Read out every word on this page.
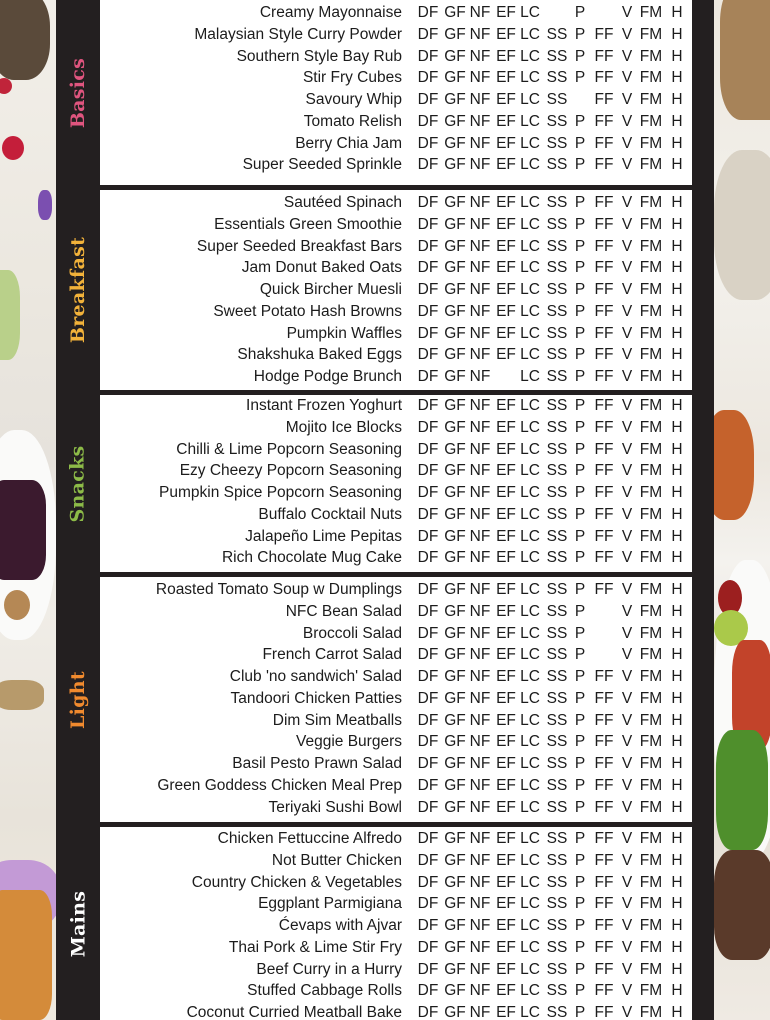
Basics
Creamy Mayonnaise DF GF NF EF LC P V FM H
Malaysian Style Curry Powder DF GF NF EF LC SS P FF V FM H
Southern Style Bay Rub DF GF NF EF LC SS P FF V FM H
Stir Fry Cubes DF GF NF EF LC SS P FF V FM H
Savoury Whip DF GF NF EF LC SS FF V FM H
Tomato Relish DF GF NF EF LC SS P FF V FM H
Berry Chia Jam DF GF NF EF LC SS P FF V FM H
Super Seeded Sprinkle DF GF NF EF LC SS P FF V FM H
Breakfast
Sautéed Spinach DF GF NF EF LC SS P FF V FM H
Essentials Green Smoothie DF GF NF EF LC SS P FF V FM H
Super Seeded Breakfast Bars DF GF NF EF LC SS P FF V FM H
Jam Donut Baked Oats DF GF NF EF LC SS P FF V FM H
Quick Bircher Muesli DF GF NF EF LC SS P FF V FM H
Sweet Potato Hash Browns DF GF NF EF LC SS P FF V FM H
Pumpkin Waffles DF GF NF EF LC SS P FF V FM H
Shakshuka Baked Eggs DF GF NF EF LC SS P FF V FM H
Hodge Podge Brunch DF GF NF LC SS P FF V FM H
Snacks
Instant Frozen Yoghurt DF GF NF EF LC SS P FF V FM H
Mojito Ice Blocks DF GF NF EF LC SS P FF V FM H
Chilli & Lime Popcorn Seasoning DF GF NF EF LC SS P FF V FM H
Ezy Cheezy Popcorn Seasoning DF GF NF EF LC SS P FF V FM H
Pumpkin Spice Popcorn Seasoning DF GF NF EF LC SS P FF V FM H
Buffalo Cocktail Nuts DF GF NF EF LC SS P FF V FM H
Jalapeño Lime Pepitas DF GF NF EF LC SS P FF V FM H
Rich Chocolate Mug Cake DF GF NF EF LC SS P FF V FM H
Light
Roasted Tomato Soup w Dumplings DF GF NF EF LC SS P FF V FM H
NFC Bean Salad DF GF NF EF LC SS P V FM H
Broccoli Salad DF GF NF EF LC SS P V FM H
French Carrot Salad DF GF NF EF LC SS P V FM H
Club 'no sandwich' Salad DF GF NF EF LC SS P FF V FM H
Tandoori Chicken Patties DF GF NF EF LC SS P FF V FM H
Dim Sim Meatballs DF GF NF EF LC SS P FF V FM H
Veggie Burgers DF GF NF EF LC SS P FF V FM H
Basil Pesto Prawn Salad DF GF NF EF LC SS P FF V FM H
Green Goddess Chicken Meal Prep DF GF NF EF LC SS P FF V FM H
Teriyaki Sushi Bowl DF GF NF EF LC SS P FF V FM H
Mains
Chicken Fettuccine Alfredo DF GF NF EF LC SS P FF V FM H
Not Butter Chicken DF GF NF EF LC SS P FF V FM H
Country Chicken & Vegetables DF GF NF EF LC SS P FF V FM H
Eggplant Parmigiana DF GF NF EF LC SS P FF V FM H
Ćevaps with Ajvar DF GF NF EF LC SS P FF V FM H
Thai Pork & Lime Stir Fry DF GF NF EF LC SS P FF V FM H
Beef Curry in a Hurry DF GF NF EF LC SS P FF V FM H
Stuffed Cabbage Rolls DF GF NF EF LC SS P FF V FM H
Coconut Curried Meatball Bake DF GF NF EF LC SS P FF V FM H
